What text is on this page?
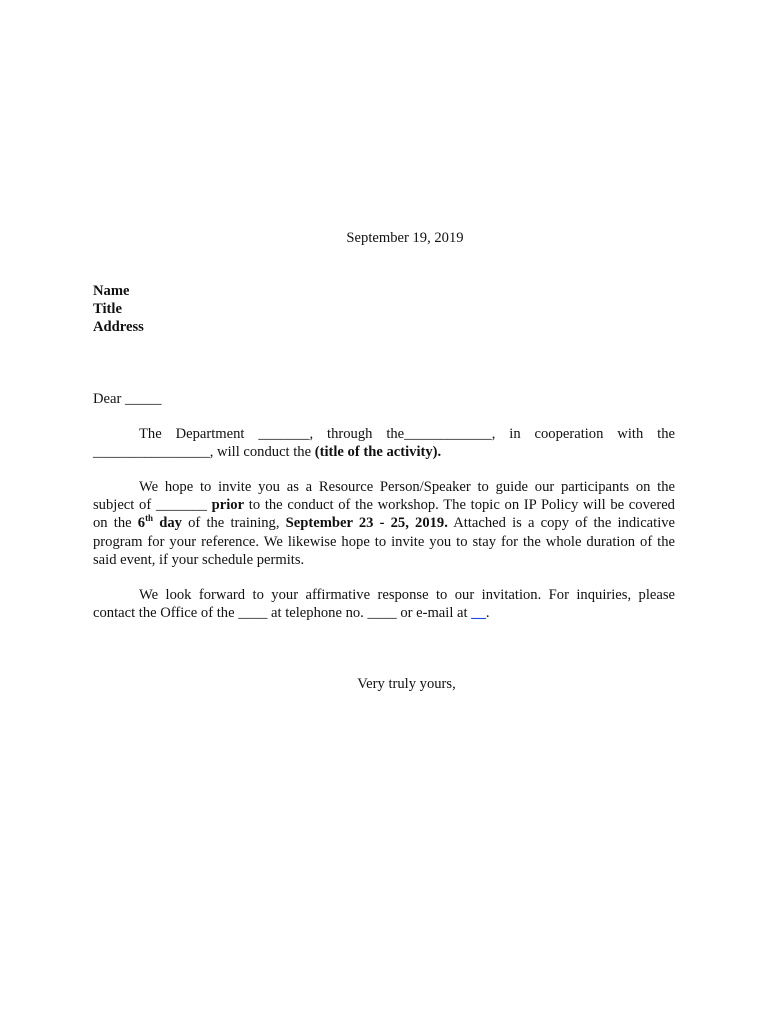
September 19, 2019
Name
Title
Address
Dear _____
The Department _______, through the____________, in cooperation with the ________________, will conduct the (title of the activity).
We hope to invite you as a Resource Person/Speaker to guide our participants on the subject of _______ prior to the conduct of the workshop. The topic on IP Policy will be covered on the 6th day of the training, September 23 - 25, 2019. Attached is a copy of the indicative program for your reference. We likewise hope to invite you to stay for the whole duration of the said event, if your schedule permits.
We look forward to your affirmative response to our invitation. For inquiries, please contact the Office of the ____ at telephone no. ____ or e-mail at __.
Very truly yours,
